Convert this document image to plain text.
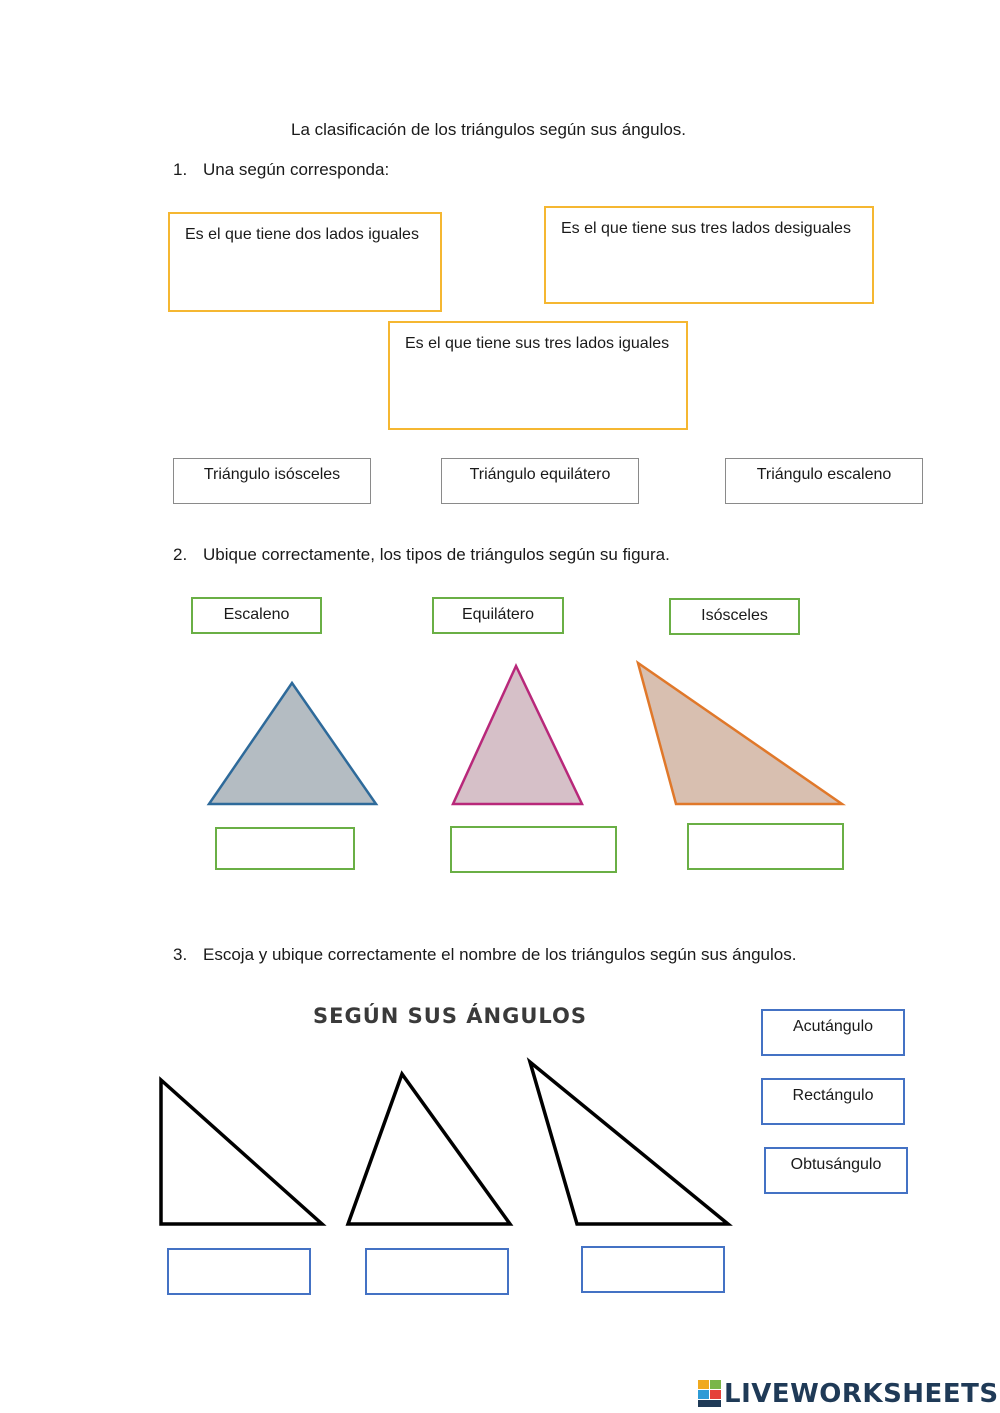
La clasificación de los triángulos según sus ángulos.
1. Una según corresponda:
Es el que tiene dos lados iguales	Es el que tiene sus tres lados desiguales
Es el que tiene sus tres lados iguales
Triángulo isósceles	Triángulo equilátero	Triángulo escaleno
2. Ubique correctamente, los tipos de triángulos según su figura.
Escaleno	Equilátero	Isósceles
3. Escoja y ubique correctamente el nombre de los triángulos según sus ángulos.
SEGÚN SUS ÁNGULOS	Acutángulo
Rectángulo
Obtusángulo
LIVEWORKSHEETS
